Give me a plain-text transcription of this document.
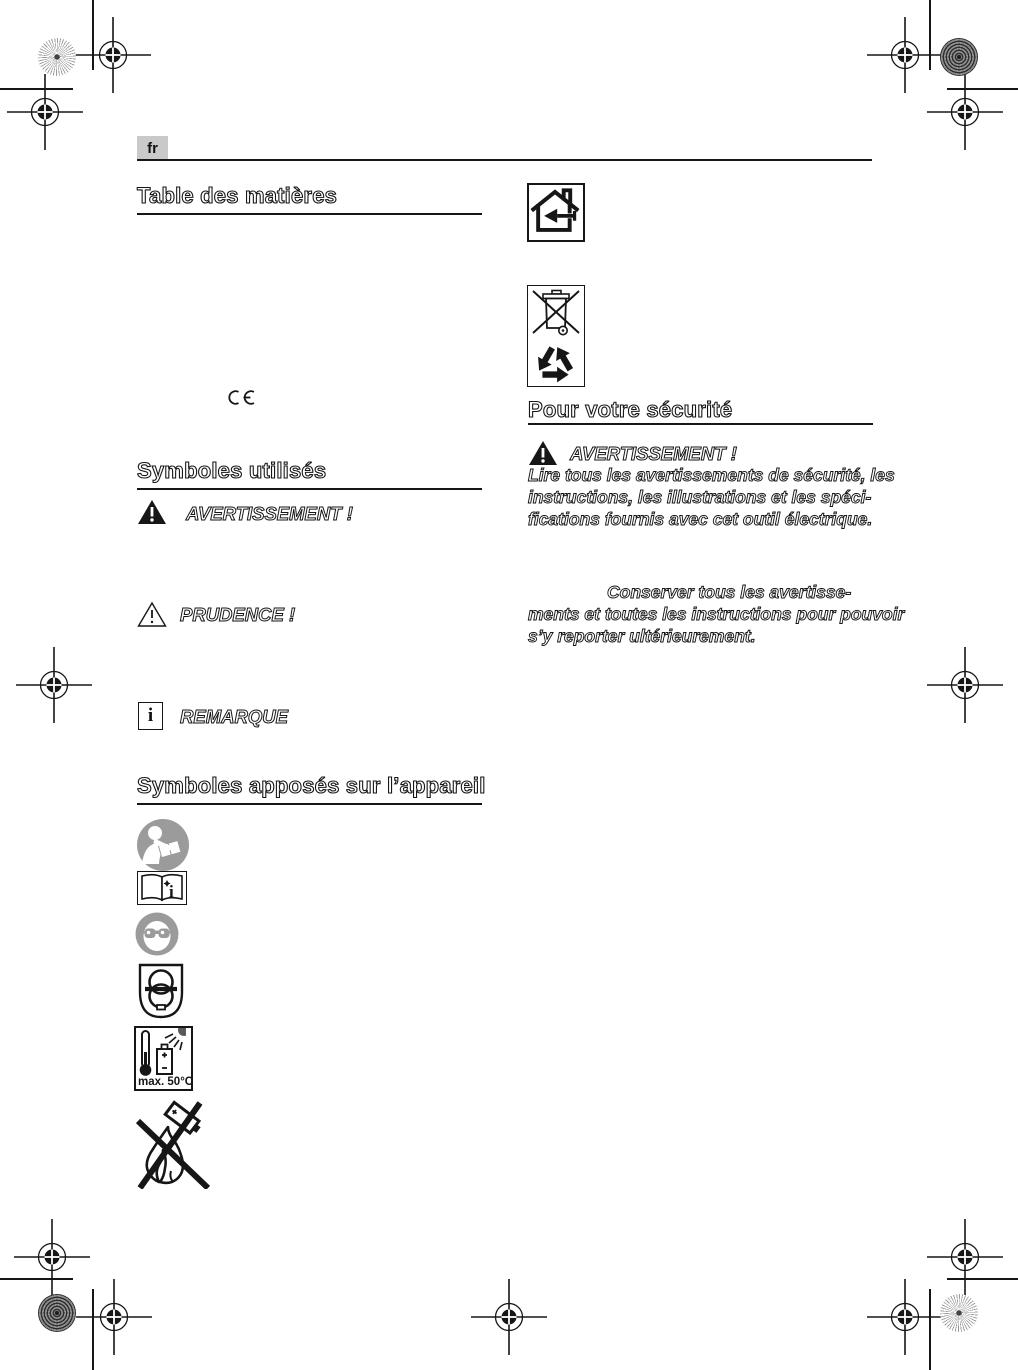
fr
Table des matières
Symboles utilisés
AVERTISSEMENT !
PRUDENCE !
i REMARQUE
Symboles apposés sur l’appareil
i
max. 50°C
Pour votre sécurité
AVERTISSEMENT !
Lire tous les avertissements de sécurité, les
instructions, les illustrations et les spéci-
fications fournis avec cet outil électrique.
Conserver tous les avertisse-
ments et toutes les instructions pour pouvoir
s’y reporter ultérieurement.
